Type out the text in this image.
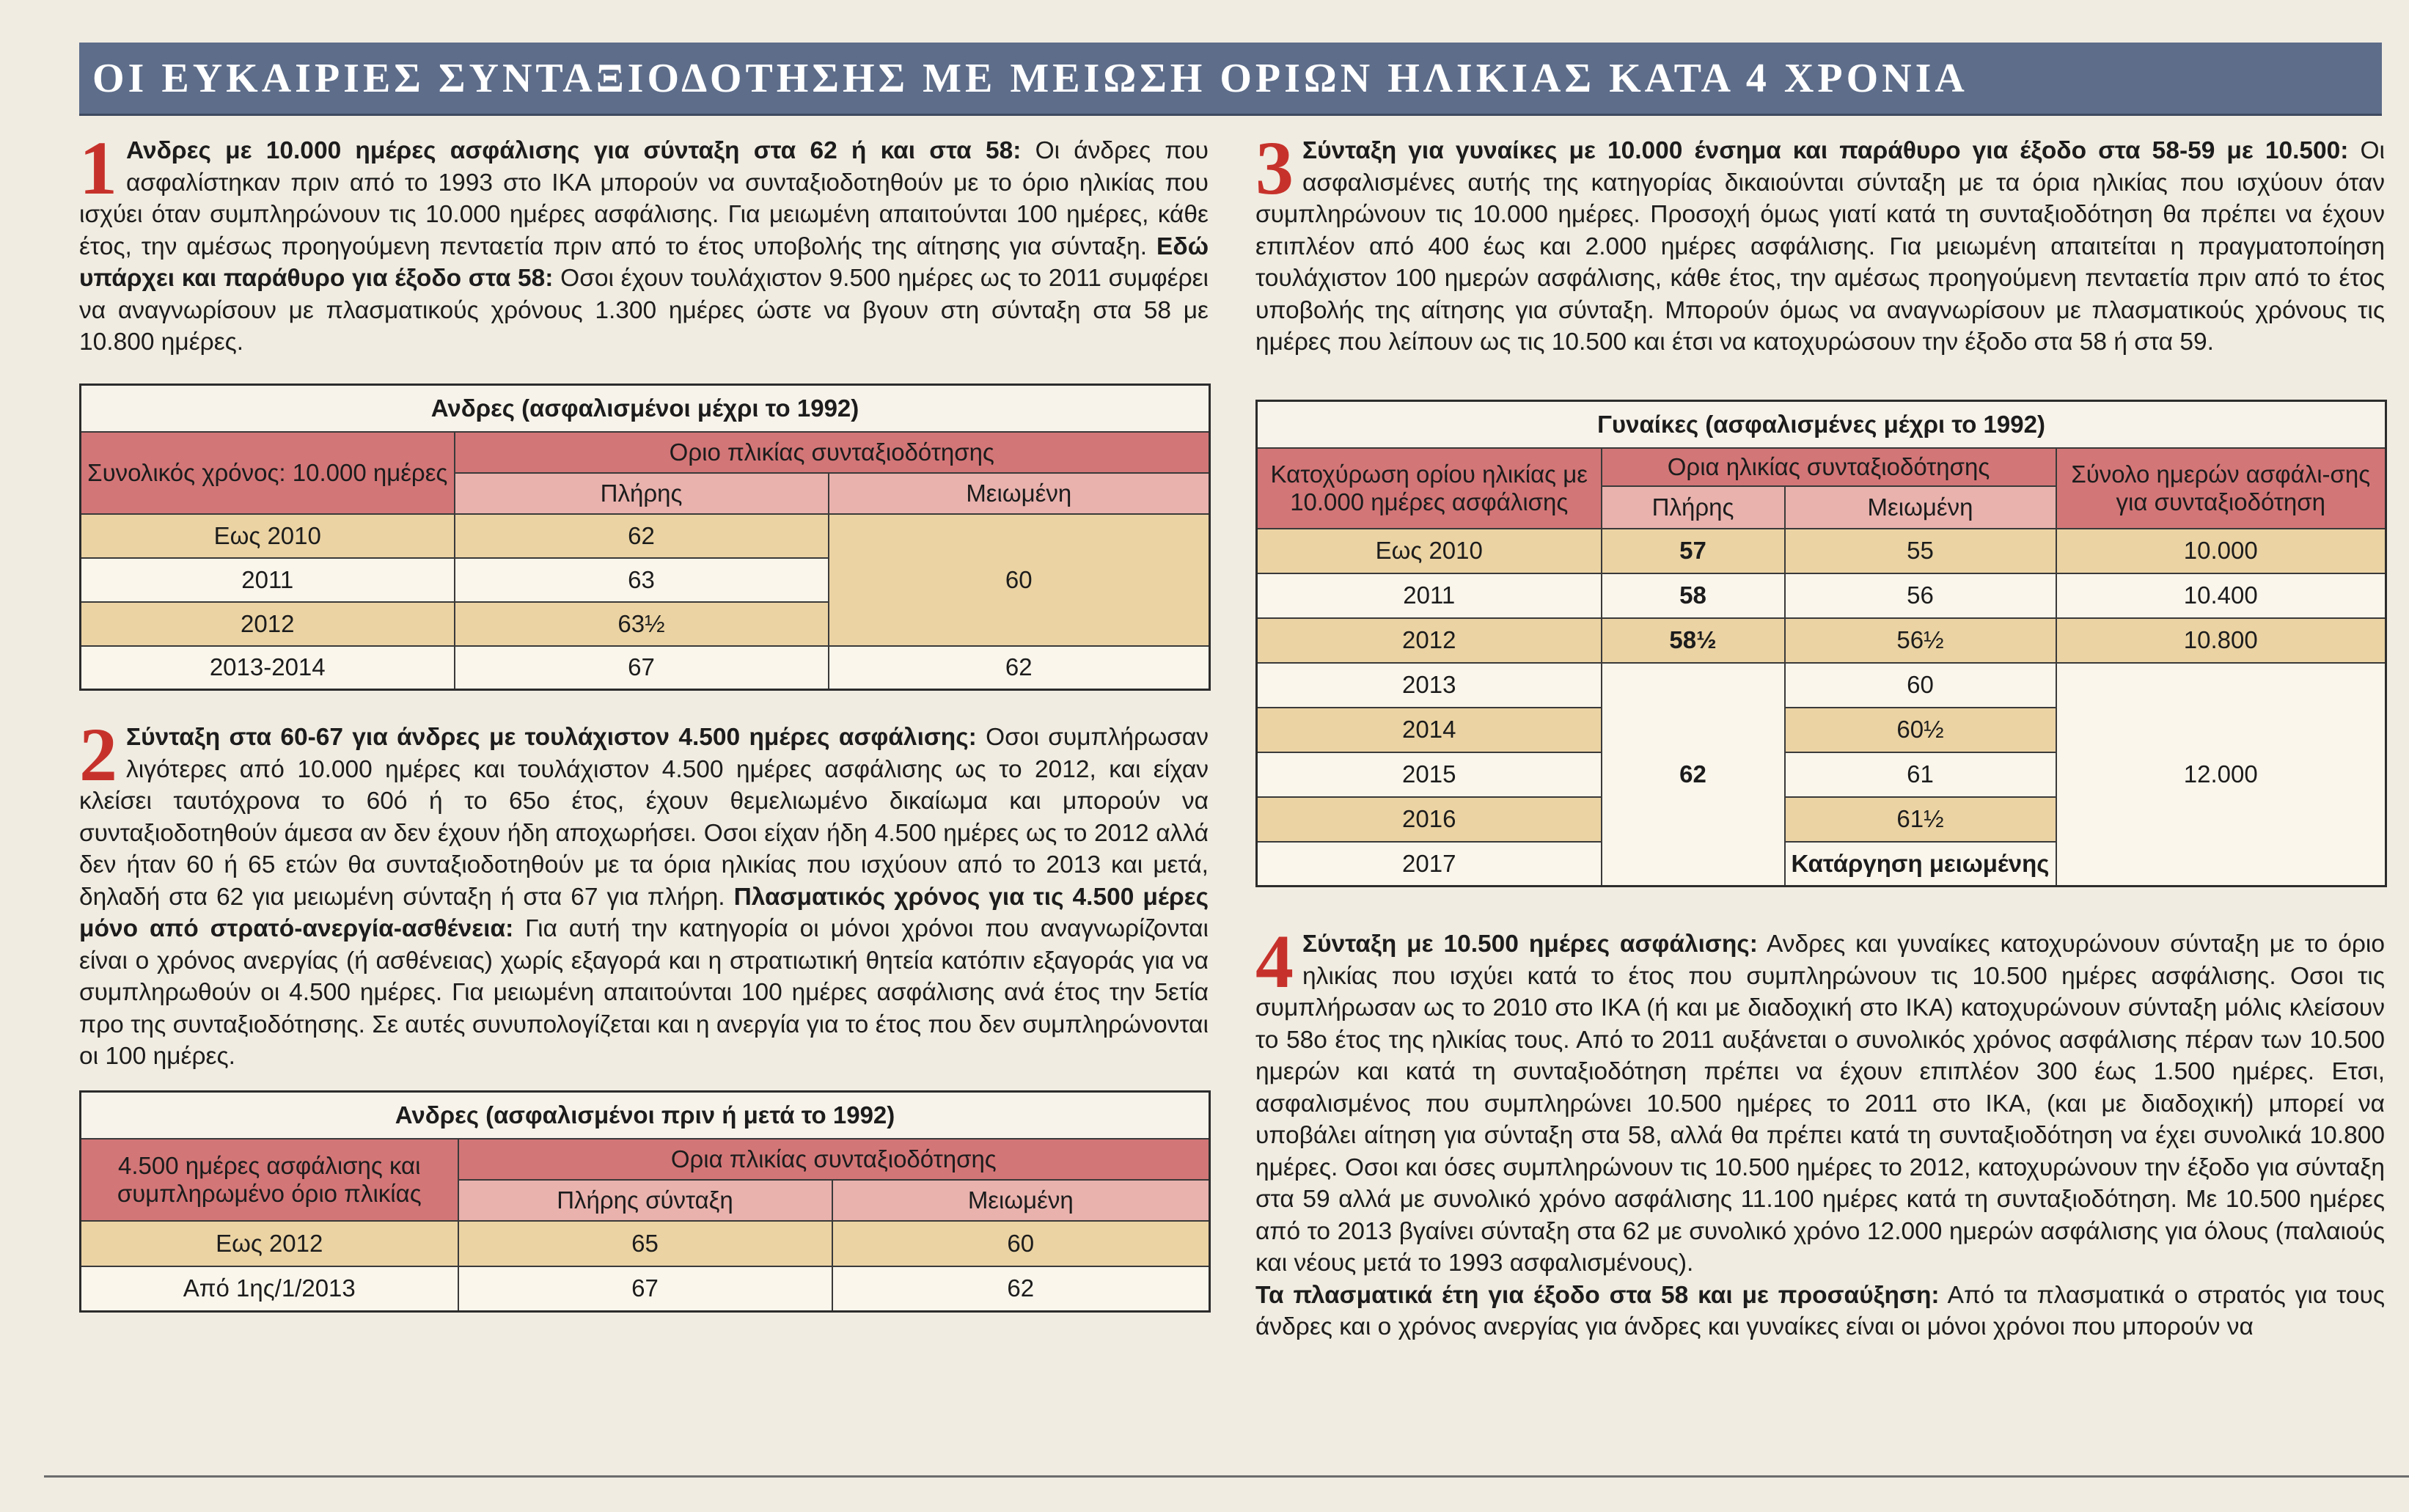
ΟΙ ΕΥΚΑΙΡΙΕΣ ΣΥΝΤΑΞΙΟΔΟΤΗΣΗΣ ΜΕ ΜΕΙΩΣΗ ΟΡΙΩΝ ΗΛΙΚΙΑΣ ΚΑΤΑ 4 ΧΡΟΝΙΑ

1 Ανδρες με 10.000 ημέρες ασφάλισης για σύνταξη στα 62 ή και στα 58: Οι άνδρες που ασφαλίστηκαν πριν από το 1993 στο ΙΚΑ μπορούν να συνταξιοδοτηθούν με το όριο ηλικίας που ισχύει όταν συμπληρώνουν τις 10.000 ημέρες ασφάλισης. Για μειωμένη απαιτούνται 100 ημέρες, κάθε έτος, την αμέσως προηγούμενη πενταετία πριν από το έτος υποβολής της αίτησης για σύνταξη. Εδώ υπάρχει και παράθυρο για έξοδο στα 58: Οσοι έχουν τουλάχιστον 9.500 ημέρες ως το 2011 συμφέρει να αναγνωρίσουν με πλασματικούς χρόνους 1.300 ημέρες ώστε να βγουν στη σύνταξη στα 58 με 10.800 ημέρες.

Ανδρες (ασφαλισμένοι μέχρι το 1992)		
Συνολικός χρόνος: 10.000 ημέρες	Οριο πλικίας συνταξιοδότησης	
	Πλήρης	Μειωμένη
Εως 2010	62	60
2011	63	
2012	63½	
2013-2014	67	62

2 Σύνταξη στα 60-67 για άνδρες με τουλάχιστον 4.500 ημέρες ασφάλισης: Οσοι συμπλήρωσαν λιγότερες από 10.000 ημέρες και τουλάχιστον 4.500 ημέρες ασφάλισης ως το 2012, και είχαν κλείσει ταυτόχρονα το 60ό ή το 65ο έτος, έχουν θεμελιωμένο δικαίωμα και μπορούν να συνταξιοδοτηθούν άμεσα αν δεν έχουν ήδη αποχωρήσει. Οσοι είχαν ήδη 4.500 ημέρες ως το 2012 αλλά δεν ήταν 60 ή 65 ετών θα συνταξιοδοτηθούν με τα όρια ηλικίας που ισχύουν από το 2013 και μετά, δηλαδή στα 62 για μειωμένη σύνταξη ή στα 67 για πλήρη. Πλασματικός χρόνος για τις 4.500 μέρες μόνο από στρατό-ανεργία-ασθένεια: Για αυτή την κατηγορία οι μόνοι χρόνοι που αναγνωρίζονται είναι ο χρόνος ανεργίας (ή ασθένειας) χωρίς εξαγορά και η στρατιωτική θητεία κατόπιν εξαγοράς για να συμπληρωθούν οι 4.500 ημέρες. Για μειωμένη απαιτούνται 100 ημέρες ασφάλισης ανά έτος την 5ετία προ της συνταξιοδότησης. Σε αυτές συνυπολογίζεται και η ανεργία για το έτος που δεν συμπληρώνονται οι 100 ημέρες.

Ανδρες (ασφαλισμένοι πριν ή μετά το 1992)		
4.500 ημέρες ασφάλισης και συμπληρωμένο όριο πλικίας	Ορια πλικίας συνταξιοδότησης	
	Πλήρης σύνταξη	Μειωμένη
Εως 2012	65	60
Από 1ης/1/2013	67	62

3 Σύνταξη για γυναίκες με 10.000 ένσημα και παράθυρο για έξοδο στα 58-59 με 10.500: Οι ασφαλισμένες αυτής της κατηγορίας δικαιούνται σύνταξη με τα όρια ηλικίας που ισχύουν όταν συμπληρώνουν τις 10.000 ημέρες. Προσοχή όμως γιατί κατά τη συνταξιοδότηση θα πρέπει να έχουν επιπλέον από 400 έως και 2.000 ημέρες ασφάλισης. Για μειωμένη απαιτείται η πραγματοποίηση τουλάχιστον 100 ημερών ασφάλισης, κάθε έτος, την αμέσως προηγούμενη πενταετία πριν από το έτος υποβολής της αίτησης για σύνταξη. Μπορούν όμως να αναγνωρίσουν με πλασματικούς χρόνους τις ημέρες που λείπουν ως τις 10.500 και έτσι να κατοχυρώσουν την έξοδο στα 58 ή στα 59.

Γυναίκες (ασφαλισμένες μέχρι το 1992)			
Κατοχύρωση ορίου ηλικίας με 10.000 ημέρες ασφάλισης	Ορια ηλικίας συνταξιοδότησης		Σύνολο ημερών ασφάλι-σης για συνταξιοδότηση
	Πλήρης	Μειωμένη	
Εως 2010	57	55	10.000
2011	58	56	10.400
2012	58½	56½	10.800
2013	62	60	12.000
2014		60½	
2015		61	
2016		61½	
2017		Κατάργηση μειωμένης	

4 Σύνταξη με 10.500 ημέρες ασφάλισης: Ανδρες και γυναίκες κατοχυρώνουν σύνταξη με το όριο ηλικίας που ισχύει κατά το έτος που συμπληρώνουν τις 10.500 ημέρες ασφάλισης. Οσοι τις συμπλήρωσαν ως το 2010 στο ΙΚΑ (ή και με διαδοχική στο ΙΚΑ) κατοχυρώνουν σύνταξη μόλις κλείσουν το 58ο έτος της ηλικίας τους. Από το 2011 αυξάνεται ο συνολικός χρόνος ασφάλισης πέραν των 10.500 ημερών και κατά τη συνταξιοδότηση πρέπει να έχουν επιπλέον 300 έως 1.500 ημέρες. Ετσι, ασφαλισμένος που συμπληρώνει 10.500 ημέρες το 2011 στο ΙΚΑ, (και με διαδοχική) μπορεί να υποβάλει αίτηση για σύνταξη στα 58, αλλά θα πρέπει κατά τη συνταξιοδότηση να έχει συνολικά 10.800 ημέρες. Οσοι και όσες συμπληρώνουν τις 10.500 ημέρες το 2012, κατοχυρώνουν την έξοδο για σύνταξη στα 59 αλλά με συνολικό χρόνο ασφάλισης 11.100 ημέρες κατά τη συνταξιοδότηση. Με 10.500 ημέρες από το 2013 βγαίνει σύνταξη στα 62 με συνολικό χρόνο 12.000 ημερών ασφάλισης για όλους (παλαιούς και νέους μετά το 1993 ασφαλισμένους).
Τα πλασματικά έτη για έξοδο στα 58 και με προσαύξηση: Από τα πλασματικά ο στρατός για τους άνδρες και ο χρόνος ανεργίας για άνδρες και γυναίκες είναι οι μόνοι χρόνοι που μπορούν να
